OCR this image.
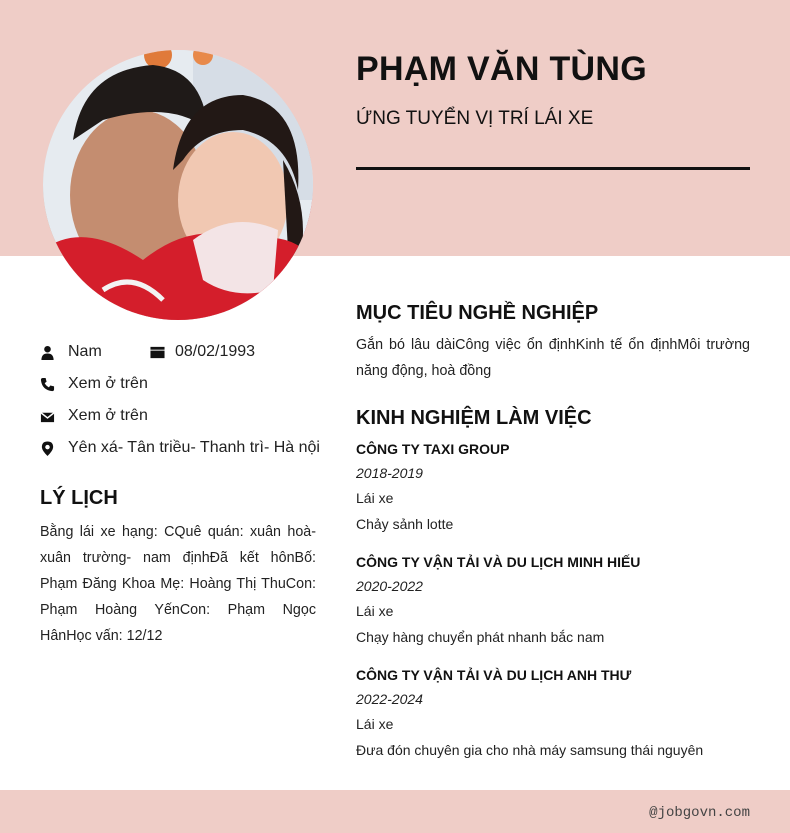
PHẠM VĂN TÙNG
ỨNG TUYỂN VỊ TRÍ LÁI XE
Nam	08/02/1993
Xem ở trên
Xem ở trên
Yên xá- Tân triều- Thanh trì- Hà nội
LÝ LỊCH
Bằng lái xe hạng: CQuê quán: xuân hoà- xuân trường- nam địnhĐã kết hônBố: Phạm Đăng Khoa Mẹ: Hoàng Thị ThuCon: Phạm Hoàng YếnCon: Phạm Ngọc HânHọc vấn: 12/12
MỤC TIÊU NGHỀ NGHIỆP
Gắn bó lâu dàiCông việc ổn địnhKinh tế ổn địnhMôi trường năng động, hoà đồng
KINH NGHIỆM LÀM VIỆC
CÔNG TY TAXI GROUP
2018-2019
Lái xe
Chảy sảnh lotte
CÔNG TY VẬN TẢI VÀ DU LỊCH MINH HIẾU
2020-2022
Lái xe
Chạy hàng chuyển phát nhanh bắc nam
CÔNG TY VẬN TẢI VÀ DU LỊCH ANH THƯ
2022-2024
Lái xe
Đưa đón chuyên gia cho nhà máy samsung thái nguyên
@jobgovn.com
